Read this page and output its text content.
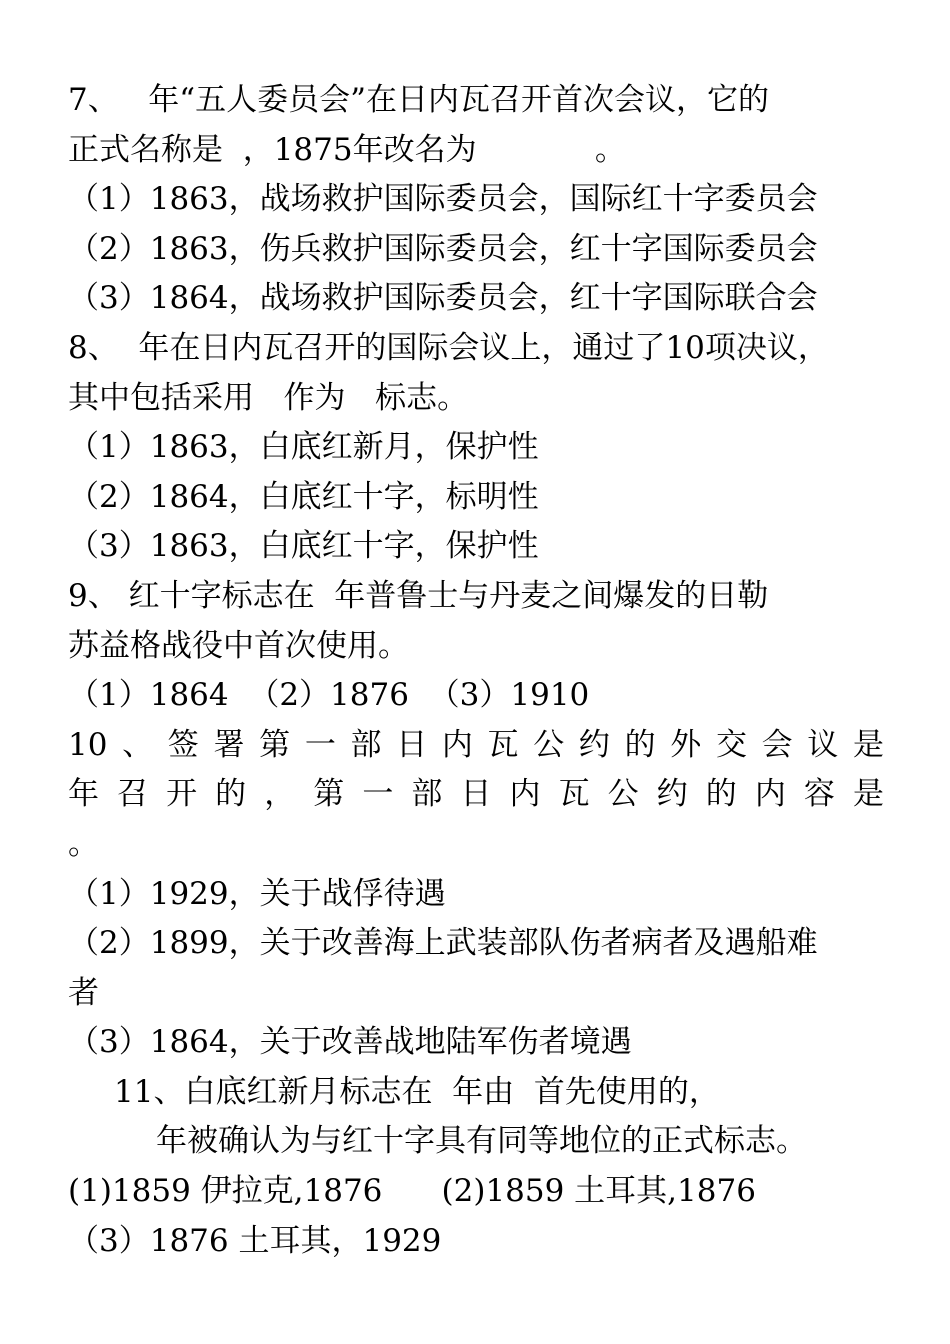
7、   年“五人委员会”在日内瓦召开首次会议，它的
正式名称是  ，1875年改名为            。
（1）1863，战场救护国际委员会，国际红十字委员会
（2）1863，伤兵救护国际委员会，红十字国际委员会
（3）1864，战场救护国际委员会，红十字国际联合会
8、  年在日内瓦召开的国际会议上，通过了10项决议，
其中包括采用   作为   标志。
（1）1863，白底红新月，保护性
（2）1864，白底红十字，标明性
（3）1863，白底红十字，保护性
9、 红十字标志在  年普鲁士与丹麦之间爆发的日勒
苏益格战役中首次使用。
（1）1864  （2）1876  （3）1910
10、签署第一部日内瓦公约的外交会议是
年召开的，第一部日内瓦公约的内容是
。
（1）1929，关于战俘待遇
（2）1899，关于改善海上武装部队伤者病者及遇船难
者
（3）1864，关于改善战地陆军伤者境遇
11、白底红新月标志在  年由  首先使用的，
年被确认为与红十字具有同等地位的正式标志。
(1)1859 伊拉克,1876      (2)1859 土耳其,1876
（3）1876 土耳其，1929
